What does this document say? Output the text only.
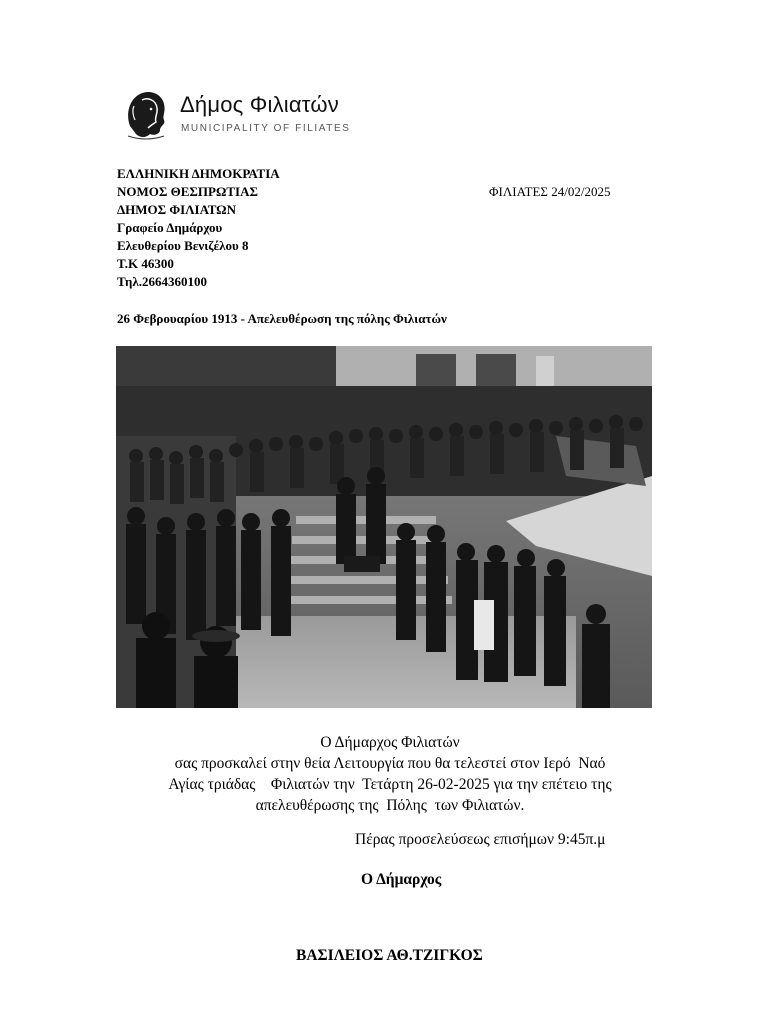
Δήμος Φιλιατών
MUNICIPALITY OF FILIATES
ΕΛΛΗΝΙΚΗ ΔΗΜΟΚΡΑΤΙΑ
ΝΟΜΟΣ ΘΕΣΠΡΩΤΙΑΣ
ΔΗΜΟΣ ΦΙΛΙΑΤΩΝ
Γραφείο Δημάρχου
Ελευθερίου Βενιζέλου 8
Τ.Κ 46300
Τηλ.2664360100
ΦΙΛΙΑΤΕΣ 24/02/2025
26 Φεβρουαρίου 1913 - Απελευθέρωση της πόλης Φιλιατών
Ο Δήμαρχος Φιλιατών
σας προσκαλεί στην θεία Λειτουργία που θα τελεστεί στον Ιερό  Ναό
Αγίας τριάδας    Φιλιατών την  Τετάρτη 26-02-2025 για την επέτειο της
απελευθέρωσης της  Πόλης  των Φιλιατών.
Πέρας προσελεύσεως επισήμων 9:45π.μ
Ο Δήμαρχος
ΒΑΣΙΛΕΙΟΣ ΑΘ.ΤΖΙΓΚΟΣ
